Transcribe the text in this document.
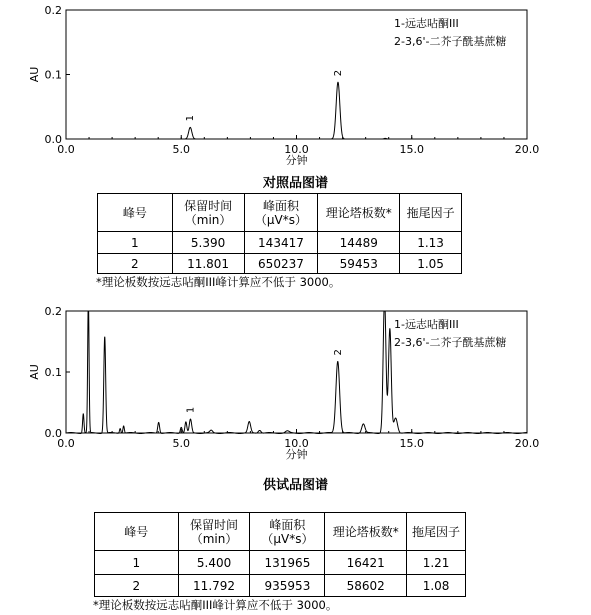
0.0	5.0	10.0	15.0	20.0
0.0
0.1
0.2
AU
分钟
1-远志呫酮III
2-3,6'-二芥子酰基蔗糖
1
2
对照品图谱
峰号	保留时间（min）	峰面积（μV*s）	理论塔板数*	拖尾因子
1	5.390	143417	14489	1.13
2	11.801	650237	59453	1.05
*理论板数按远志呫酮III峰计算应不低于 3000。
0.0	5.0	10.0	15.0	20.0
0.0
0.1
0.2
AU
分钟
1-远志呫酮III
2-3,6'-二芥子酰基蔗糖
1
2
供试品图谱
峰号	保留时间（min）	峰面积（μV*s）	理论塔板数*	拖尾因子
1	5.400	131965	16421	1.21
2	11.792	935953	58602	1.08
*理论板数按远志呫酮III峰计算应不低于 3000。
